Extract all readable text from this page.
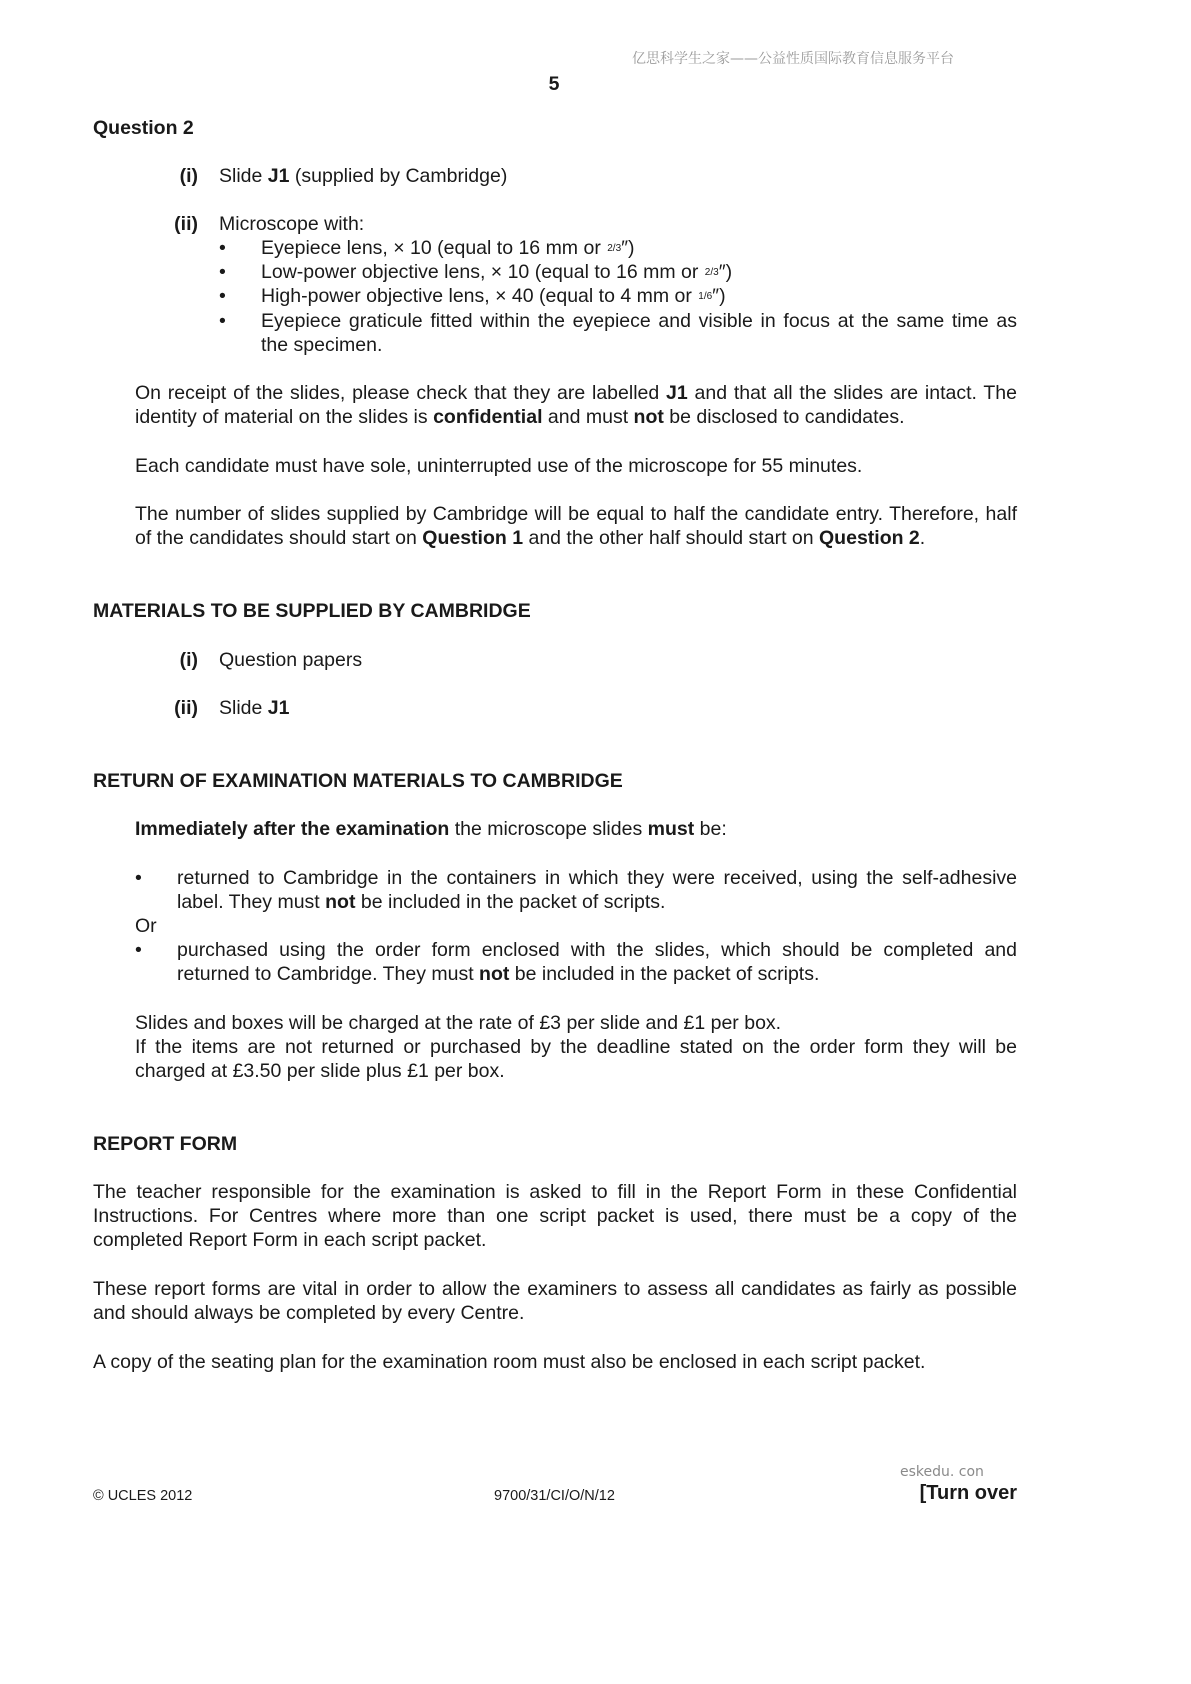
亿思科学生之家——公益性质国际教育信息服务平台
5
Question 2
(i) Slide J1 (supplied by Cambridge)
(ii) Microscope with:
• Eyepiece lens, × 10 (equal to 16 mm or 2/3″)
• Low-power objective lens, × 10 (equal to 16 mm or 2/3″)
• High-power objective lens, × 40 (equal to 4 mm or 1/6″)
• Eyepiece graticule fitted within the eyepiece and visible in focus at the same time as
the specimen.
On receipt of the slides, please check that they are labelled J1 and that all the slides are intact. The identity of material on the slides is confidential and must not be disclosed to candidates.
Each candidate must have sole, uninterrupted use of the microscope for 55 minutes.
The number of slides supplied by Cambridge will be equal to half the candidate entry. Therefore, half of the candidates should start on Question 1 and the other half should start on Question 2.
MATERIALS TO BE SUPPLIED BY CAMBRIDGE
(i) Question papers
(ii) Slide J1
RETURN OF EXAMINATION MATERIALS TO CAMBRIDGE
Immediately after the examination the microscope slides must be:
• returned to Cambridge in the containers in which they were received, using the self-adhesive label. They must not be included in the packet of scripts.
Or
• purchased using the order form enclosed with the slides, which should be completed and returned to Cambridge. They must not be included in the packet of scripts.
Slides and boxes will be charged at the rate of £3 per slide and £1 per box.
If the items are not returned or purchased by the deadline stated on the order form they will be charged at £3.50 per slide plus £1 per box.
REPORT FORM
The teacher responsible for the examination is asked to fill in the Report Form in these Confidential Instructions. For Centres where more than one script packet is used, there must be a copy of the completed Report Form in each script packet.
These report forms are vital in order to allow the examiners to assess all candidates as fairly as possible and should always be completed by every Centre.
A copy of the seating plan for the examination room must also be enclosed in each script packet.
eskedu. con
© UCLES 2012	9700/31/CI/O/N/12	[Turn over
